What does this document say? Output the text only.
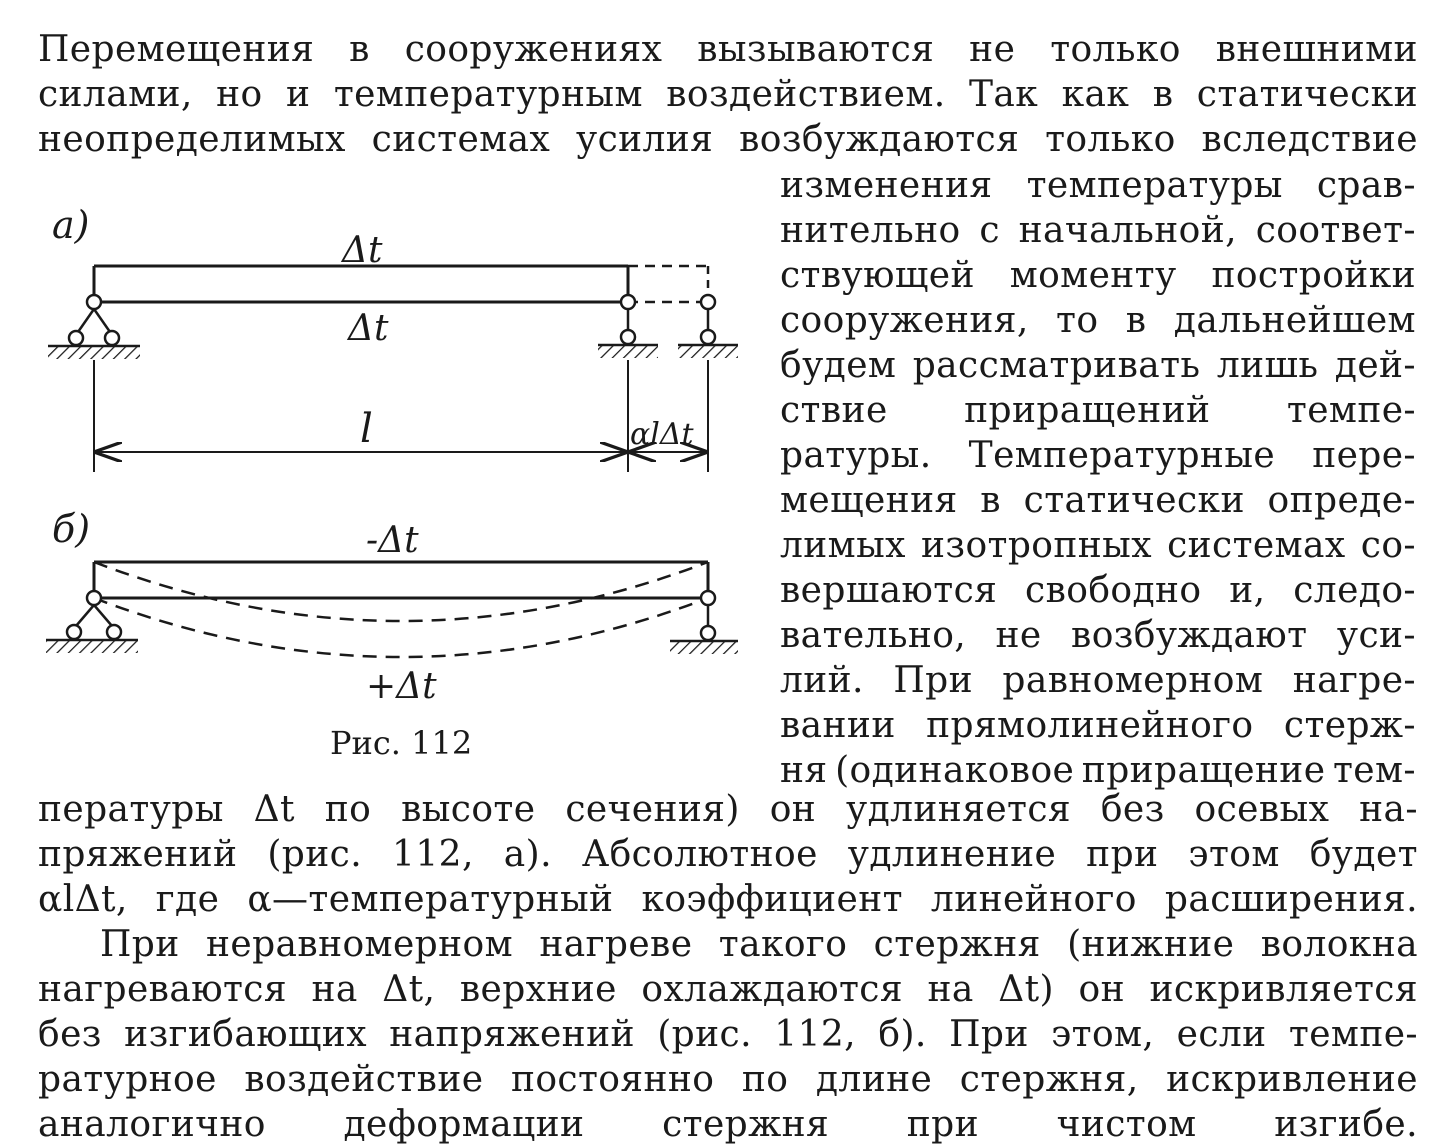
Перемещения в сооружениях вызываются не только внешними
силами, но и температурным воздействием. Так как в статически
неопределимых системах усилия возбуждаются только вследствие
изменения температуры срав-
нительно с начальной, соответ-
ствующей моменту постройки
сооружения, то в дальнейшем
будем рассматривать лишь дей-
ствие приращений темпе-
ратуры. Температурные пере-
мещения в статически опреде-
лимых изотропных системах со-
вершаются свободно и, следо-
вательно, не возбуждают уси-
лий. При равномерном нагре-
вании прямолинейного стерж-
ня (одинаковое приращение тем-
а)
Δt
Δt
l	αlΔt
б)	-Δt
+Δt
Рис. 112
пературы Δt по высоте сечения) он удлиняется без осевых на-
пряжений (рис. 112, а). Абсолютное удлинение при этом будет
αlΔt, где α—температурный коэффициент линейного расширения.
При неравномерном нагреве такого стержня (нижние волокна
нагреваются на Δt, верхние охлаждаются на Δt) он искривляется
без изгибающих напряжений (рис. 112, б). При этом, если темпе-
ратурное воздействие постоянно по длине стержня, искривление
аналогично деформации стержня при чистом изгибе.
